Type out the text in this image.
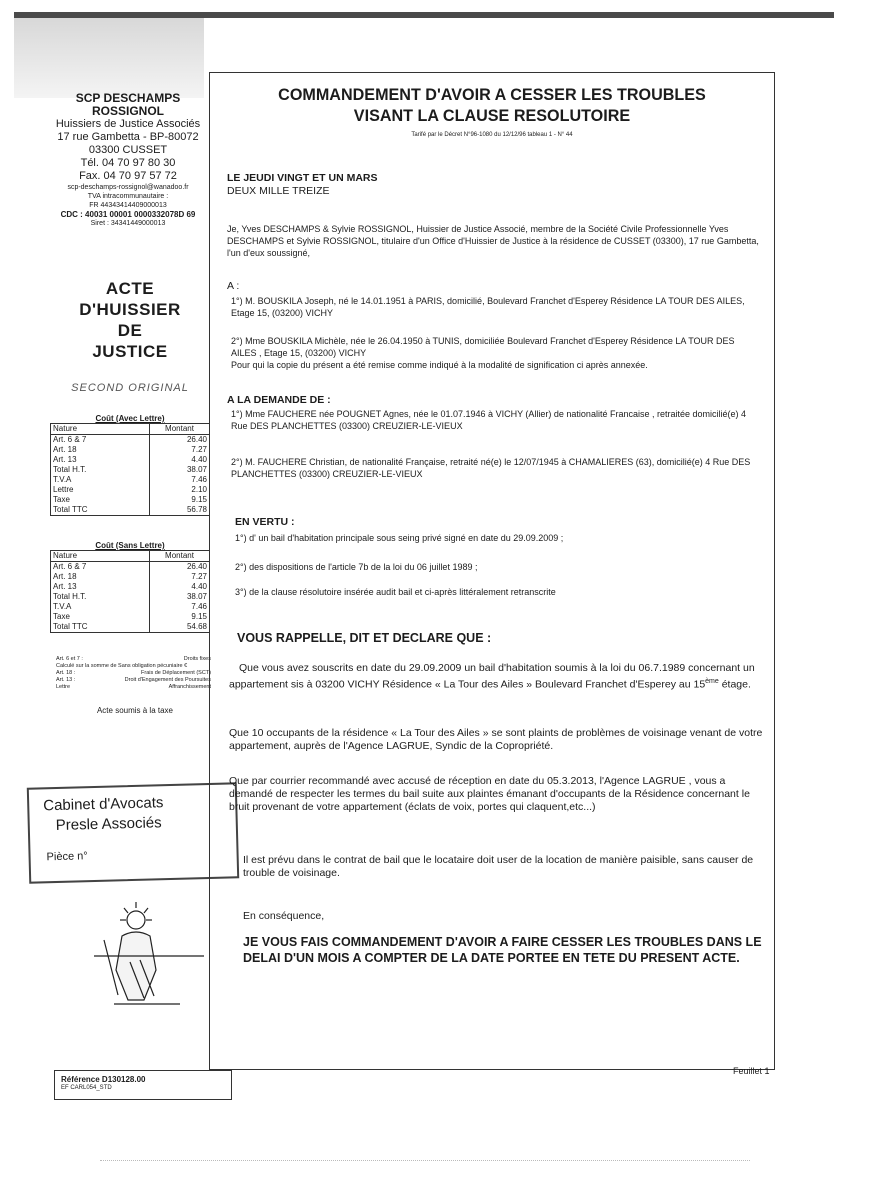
SCP DESCHAMPS
ROSSIGNOL
Huissiers de Justice Associés
17 rue Gambetta - BP-80072
03300 CUSSET
Tél. 04 70 97 80 30
Fax. 04 70 97 57 72
scp-deschamps-rossignol@wanadoo.fr
TVA intracommunautaire :
FR 44343414409000013
CDC : 40031 00001 0000332078D 69
Siret : 34341449000013
ACTE
D'HUISSIER
DE
JUSTICE
SECOND ORIGINAL
Coût (Avec Lettre)
Nature	Montant
Art. 6 & 7	26.40
Art. 18	7.27
Art. 13	4.40
Total H.T.	38.07
T.V.A	7.46
Lettre	2.10
Taxe	9.15
Total TTC	56.78
Coût (Sans Lettre)
Nature	Montant
Art. 6 & 7	26.40
Art. 18	7.27
Art. 13	4.40
Total H.T.	38.07
T.V.A	7.46
Taxe	9.15
Total TTC	54.68
Art. 6 et 7 :	Droits fixes
Calculé sur la somme de Sans obligation pécuniaire €
Art. 18 :	Frais de Déplacement (SCT)
Art. 13 :	Droit d'Engagement des Poursuites
Lettre	Affranchissement
Acte soumis à la taxe
Cabinet d'Avocats
Presle Associés
Pièce n°
Référence D130128.00
EF CARL054_STD
COMMANDEMENT D'AVOIR A CESSER LES TROUBLES
VISANT LA CLAUSE RESOLUTOIRE
Tarifé par le Décret N°96-1080 du 12/12/96 tableau 1 - N° 44
LE JEUDI VINGT ET UN MARS
DEUX MILLE TREIZE
Je, Yves DESCHAMPS & Sylvie ROSSIGNOL, Huissier de Justice Associé, membre de la Société Civile Professionnelle Yves DESCHAMPS et Sylvie ROSSIGNOL, titulaire d'un Office d'Huissier de Justice à la résidence de CUSSET (03300), 17 rue Gambetta, l'un d'eux soussigné,
A :
1°) M. BOUSKILA Joseph, né le 14.01.1951 à PARIS, domicilié, Boulevard Franchet d'Esperey Résidence LA TOUR DES AILES, Etage 15, (03200) VICHY
2°) Mme BOUSKILA Michèle, née le 26.04.1950 à TUNIS, domiciliée Boulevard Franchet d'Esperey Résidence LA TOUR DES AILES , Etage 15, (03200) VICHY
Pour qui la copie du présent a été remise comme indiqué à la modalité de signification ci après annexée.
A LA DEMANDE DE :
1°) Mme FAUCHERE née POUGNET Agnes, née le 01.07.1946 à VICHY (Allier) de nationalité Francaise , retraitée domicilié(e) 4 Rue DES PLANCHETTES (03300) CREUZIER-LE-VIEUX
2°) M. FAUCHERE Christian, de nationalité Française, retraité né(e) le 12/07/1945 à CHAMALIERES (63), domicilié(e) 4 Rue DES PLANCHETTES (03300) CREUZIER-LE-VIEUX
EN VERTU :
1°) d' un bail d'habitation principale sous seing privé signé en date du 29.09.2009 ;
2°) des dispositions de l'article 7b de la loi du 06 juillet 1989 ;
3°) de la clause résolutoire insérée audit bail et ci-après littéralement retranscrite
VOUS RAPPELLE, DIT ET DECLARE QUE :
Que vous avez souscrits en date du 29.09.2009 un bail d'habitation soumis à la loi du 06.7.1989 concernant un appartement sis à 03200 VICHY Résidence « La Tour des Ailes » Boulevard Franchet d'Esperey au 15ème étage.
Que 10 occupants de la résidence « La Tour des Ailes » se sont plaints de problèmes de voisinage venant de votre appartement, auprès de l'Agence LAGRUE, Syndic de la Copropriété.
Que par courrier recommandé avec accusé de réception en date du 05.3.2013, l'Agence LAGRUE , vous a demandé de respecter les termes du bail suite aux plaintes émanant d'occupants de la Résidence concernant le bruit provenant de votre appartement (éclats de voix, portes qui claquent,etc...)
Il est prévu dans le contrat de bail que le locataire doit user de la location de manière paisible, sans causer de trouble de voisinage.
En conséquence,
JE VOUS FAIS COMMANDEMENT D'AVOIR A FAIRE CESSER LES TROUBLES DANS LE DELAI D'UN MOIS A COMPTER DE LA DATE PORTEE EN TETE DU PRESENT ACTE.
Feuillet 1
